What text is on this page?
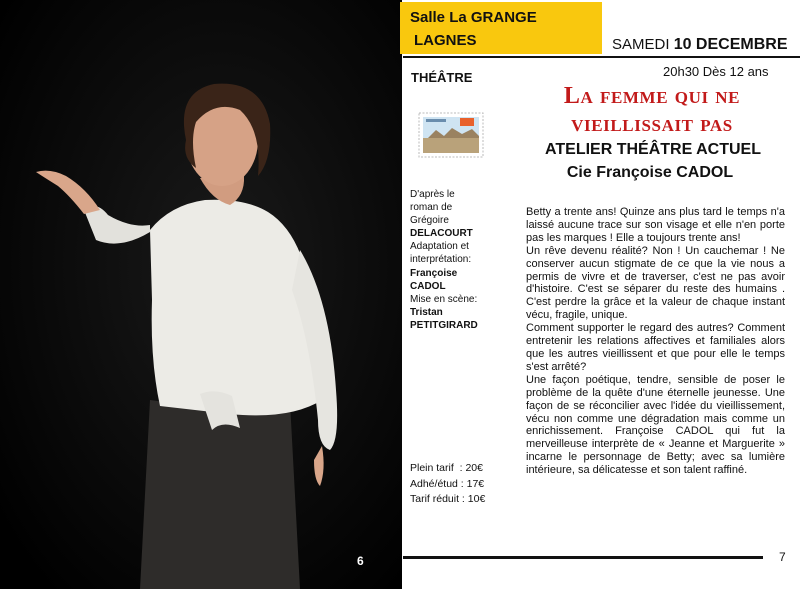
6
Salle La GRANGE
LAGNES	SAMEDI 10 DECEMBRE
THÉÂTRE	20h30 Dès 12 ans
La femme qui ne
vieillissait pas
ATELIER THÉÂTRE ACTUEL
Cie Françoise CADOL
D'après le
roman de
Grégoire
DELACOURT
Adaptation et
interprétation:
Françoise
CADOL
Mise en scène:
Tristan
PETITGIRARD
Plein tarif  : 20€
Adhé/étud : 17€
Tarif réduit : 10€

Betty a trente ans! Quinze ans plus tard le temps n'a laissé aucune trace sur son visage et elle n'en porte pas les marques ! Elle a toujours trente ans!

Un rêve devenu réalité? Non ! Un cauchemar ! Ne conserver aucun stigmate de ce que la vie nous a permis de vivre et de traverser, c'est ne pas avoir d'histoire. C'est se séparer du reste des humains . C'est perdre la grâce et la valeur de chaque instant vécu, fragile, unique.

Comment supporter le regard des autres? Comment entretenir les relations affectives et familiales alors que les autres vieillissent et que pour elle le temps s'est arrêté?

Une façon poétique, tendre, sensible de poser le problème de la quête d'une éternelle jeunesse. Une façon de se réconcilier avec l'idée du vieillissement, vécu non comme une dégradation mais comme un enrichissement. Françoise CADOL qui fut la merveilleuse interprète de « Jeanne et Marguerite » incarne le personnage de Betty; avec sa lumière intérieure, sa délicatesse et son talent raffiné.

7
